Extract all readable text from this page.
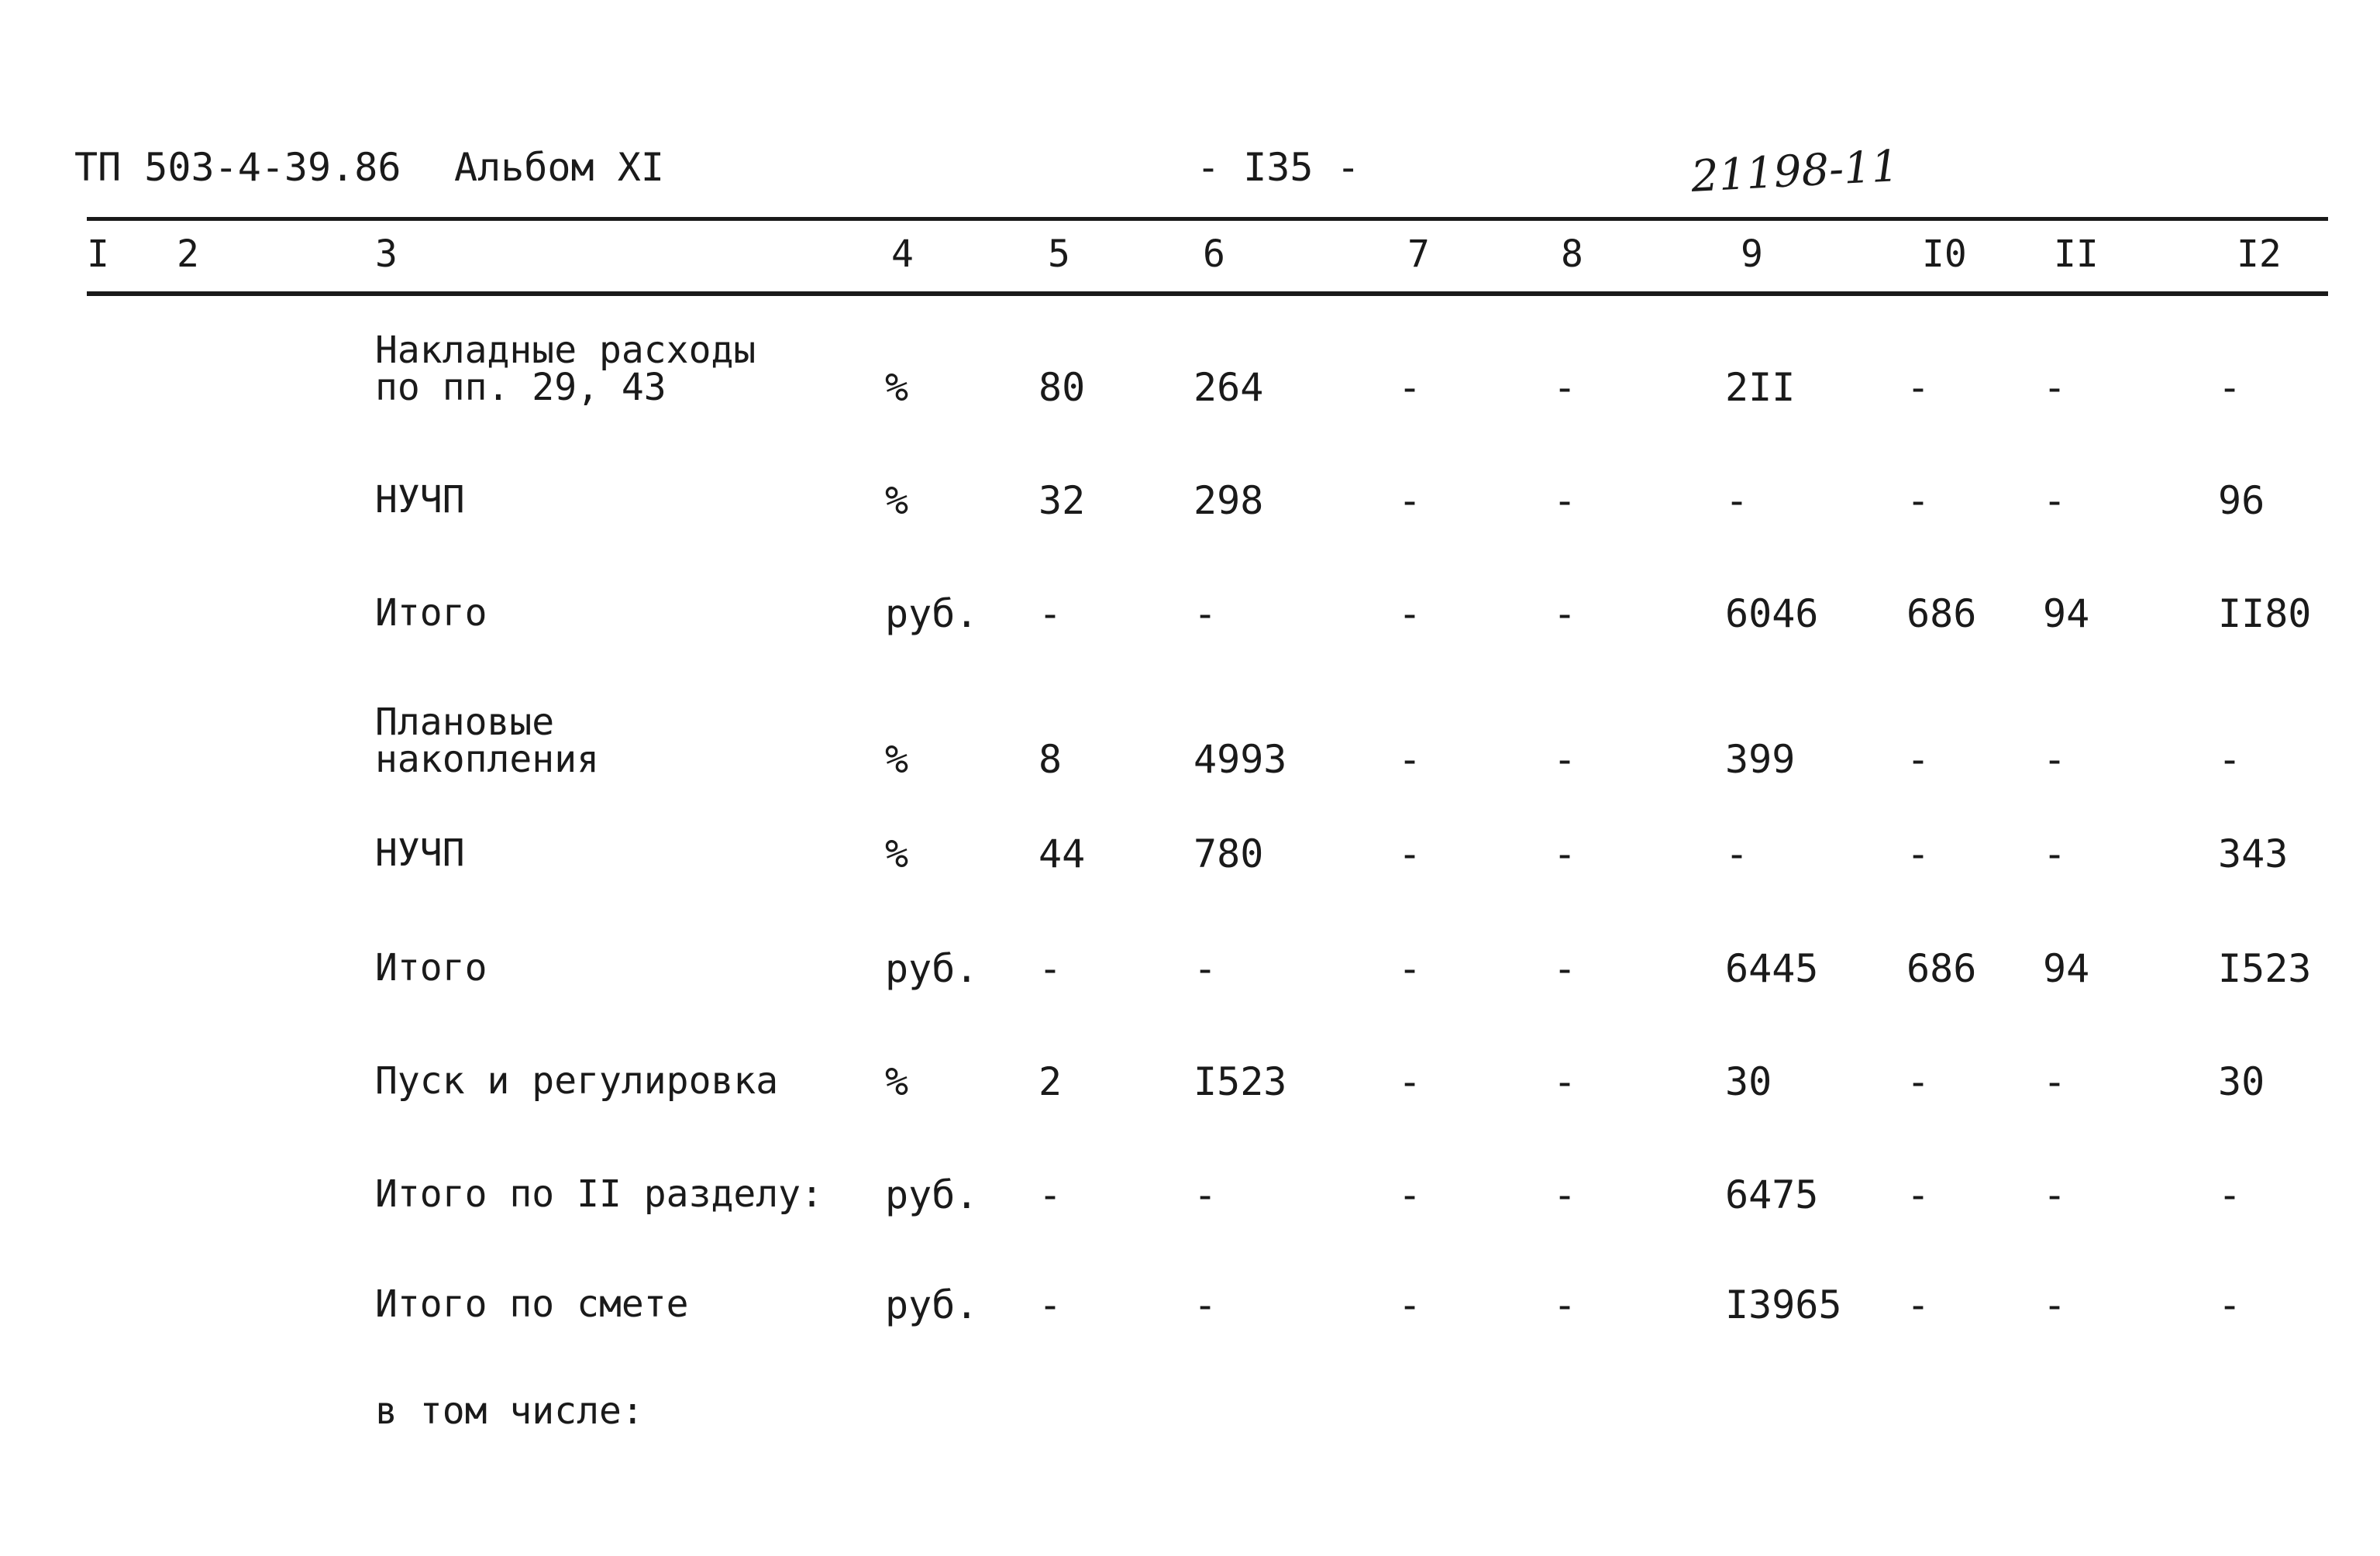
ТП 503-4-39.86 Альбом XI	- I35 -	21198-11
I 2	3	4	5	6	7	8	9	I0 II	I2
Накладные расходы
по пп. 29, 43	%	80	264	-	-	2II	-	-	-
НУЧП	%	32	298	-	-	-	-	-	96
Итого	руб. -	-	-	-	6046 686 94	II80
Плановые
накопления	%	8	4993	-	-	399	-	-	-
НУЧП	%	44	780	-	-	-	-	-	343
Итого	руб. -	-	-	-	6445 686 94	I523
Пуск и регулировка	%	2	I523	-	-	30	-	-	30
Итого по II разделу: руб. -	-	-	-	6475 -	-	-
Итого по смете	руб. -	-	-	-	I3965 -	-	-
в том числе:
